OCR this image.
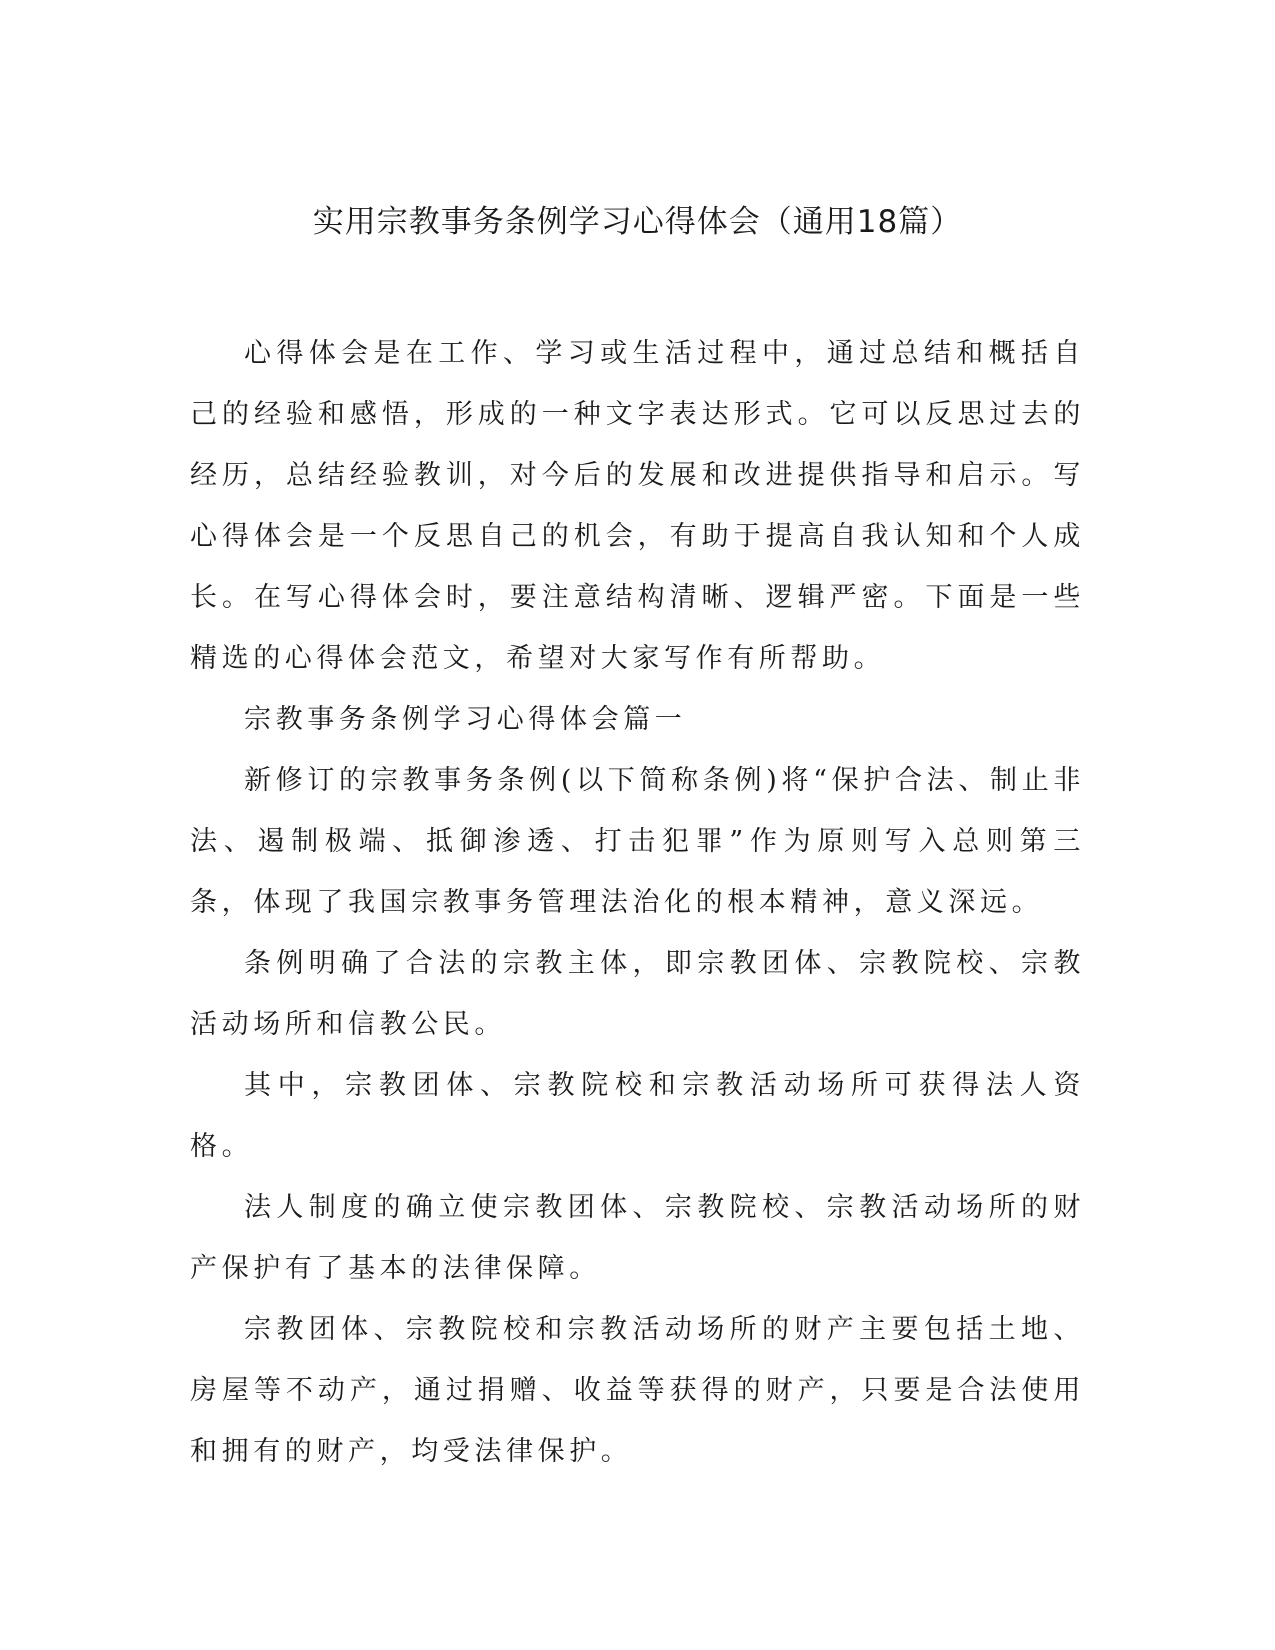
实用宗教事务条例学习心得体会（通用18篇）

心得体会是在工作、学习或生活过程中，通过总结和概括自己的经验和感悟，形成的一种文字表达形式。它可以反思过去的经历，总结经验教训，对今后的发展和改进提供指导和启示。写心得体会是一个反思自己的机会，有助于提高自我认知和个人成长。在写心得体会时，要注意结构清晰、逻辑严密。下面是一些精选的心得体会范文，希望对大家写作有所帮助。

宗教事务条例学习心得体会篇一

新修订的宗教事务条例(以下简称条例)将“保护合法、制止非法、遏制极端、抵御渗透、打击犯罪”作为原则写入总则第三条，体现了我国宗教事务管理法治化的根本精神，意义深远。

条例明确了合法的宗教主体，即宗教团体、宗教院校、宗教活动场所和信教公民。

其中，宗教团体、宗教院校和宗教活动场所可获得法人资格。

法人制度的确立使宗教团体、宗教院校、宗教活动场所的财产保护有了基本的法律保障。

宗教团体、宗教院校和宗教活动场所的财产主要包括土地、房屋等不动产，通过捐赠、收益等获得的财产，只要是合法使用和拥有的财产，均受法律保护。
